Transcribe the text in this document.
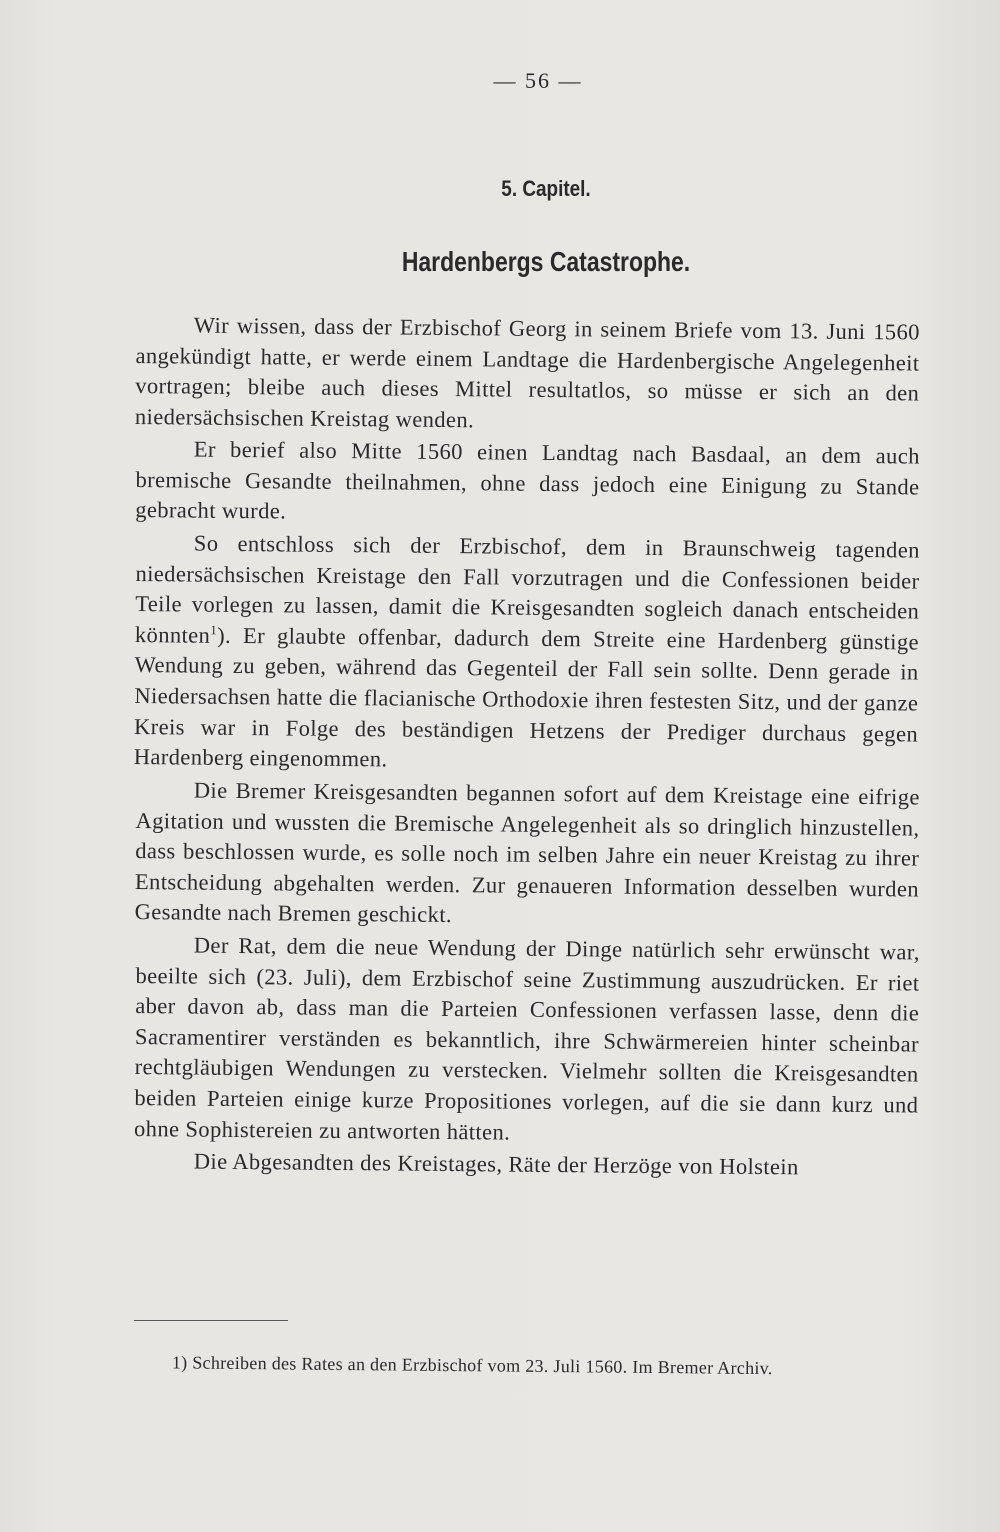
— 56 —
5. Capitel.
Hardenbergs Catastrophe.

Wir wissen, dass der Erzbischof Georg in seinem Briefe vom 13. Juni 1560 angekündigt hatte, er werde einem Landtage die Hardenbergische Angelegenheit vortragen; bleibe auch dieses Mittel resultatlos, so müsse er sich an den niedersächsischen Kreistag wenden.

Er berief also Mitte 1560 einen Landtag nach Basdaal, an dem auch bremische Gesandte theilnahmen, ohne dass jedoch eine Einigung zu Stande gebracht wurde.

So entschloss sich der Erzbischof, dem in Braunschweig tagenden niedersächsischen Kreistage den Fall vorzutragen und die Confessionen beider Teile vorlegen zu lassen, damit die Kreisgesandten sogleich danach entscheiden könnten$^1$). Er glaubte offenbar, dadurch dem Streite eine Hardenberg günstige Wendung zu geben, während das Gegenteil der Fall sein sollte. Denn gerade in Niedersachsen hatte die flacianische Orthodoxie ihren festesten Sitz, und der ganze Kreis war in Folge des beständigen Hetzens der Prediger durchaus gegen Hardenberg eingenommen.

Die Bremer Kreisgesandten begannen sofort auf dem Kreistage eine eifrige Agitation und wussten die Bremische Angelegenheit als so dringlich hinzustellen, dass beschlossen wurde, es solle noch im selben Jahre ein neuer Kreistag zu ihrer Entscheidung abgehalten werden. Zur genaueren Information desselben wurden Gesandte nach Bremen geschickt.

Der Rat, dem die neue Wendung der Dinge natürlich sehr erwünscht war, beeilte sich (23. Juli), dem Erzbischof seine Zustimmung auszudrücken. Er riet aber davon ab, dass man die Parteien Confessionen verfassen lasse, denn die Sacramentirer verständen es bekanntlich, ihre Schwärmereien hinter scheinbar rechtgläubigen Wendungen zu verstecken. Vielmehr sollten die Kreisgesandten beiden Parteien einige kurze Propositiones vorlegen, auf die sie dann kurz und ohne Sophistereien zu antworten hätten.

Die Abgesandten des Kreistages, Räte der Herzöge von Holstein

1) Schreiben des Rates an den Erzbischof vom 23. Juli 1560. Im Bremer Archiv.
